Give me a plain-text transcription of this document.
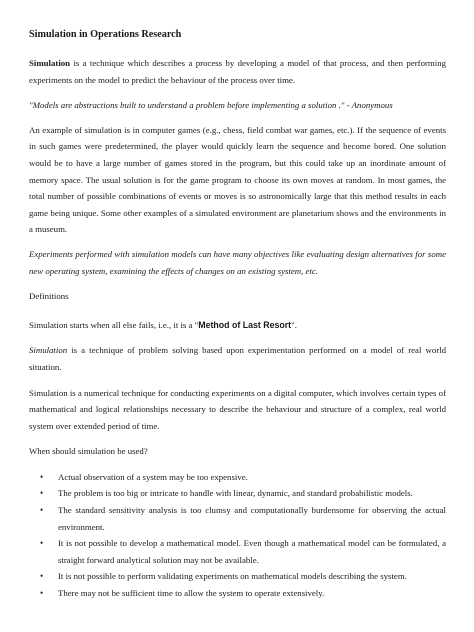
Simulation in Operations Research

Simulation is a technique which describes a process by developing a model of that process, and then performing experiments on the model to predict the behaviour of the process over time.

"Models are abstractions built to understand a problem before implementing a solution ." - Anonymous

An example of simulation is in computer games (e.g., chess, field combat war games, etc.). If the sequence of events in such games were predetermined, the player would quickly learn the sequence and become bored. One solution would be to have a large number of games stored in the program, but this could take up an inordinate amount of memory space. The usual solution is for the game program to choose its own moves at random. In most games, the total number of possible combinations of events or moves is so astronomically large that this method results in each game being unique. Some other examples of a simulated environment are planetarium shows and the environments in a museum.

Experiments performed with simulation models can have many objectives like evaluating design alternatives for some new operating system, examining the effects of changes on an existing system, etc.

Definitions

Simulation starts when all else fails, i.e., it is a "Method of Last Resort".

Simulation is a technique of problem solving based upon experimentation performed on a model of real world situation.

Simulation is a numerical technique for conducting experiments on a digital computer, which involves certain types of mathematical and logical relationships necessary to describe the behaviour and structure of a complex, real world system over extended period of time.

When should simulation be used?

• Actual observation of a system may be too expensive.
• The problem is too big or intricate to handle with linear, dynamic, and standard probabilistic models.
• The standard sensitivity analysis is too clumsy and computationally burdensome for observing the actual environment.
• It is not possible to develop a mathematical model. Even though a mathematical model can be formulated, a straight forward analytical solution may not be available.
• It is not possible to perform validating experiments on mathematical models describing the system.
• There may not be sufficient time to allow the system to operate extensively.
